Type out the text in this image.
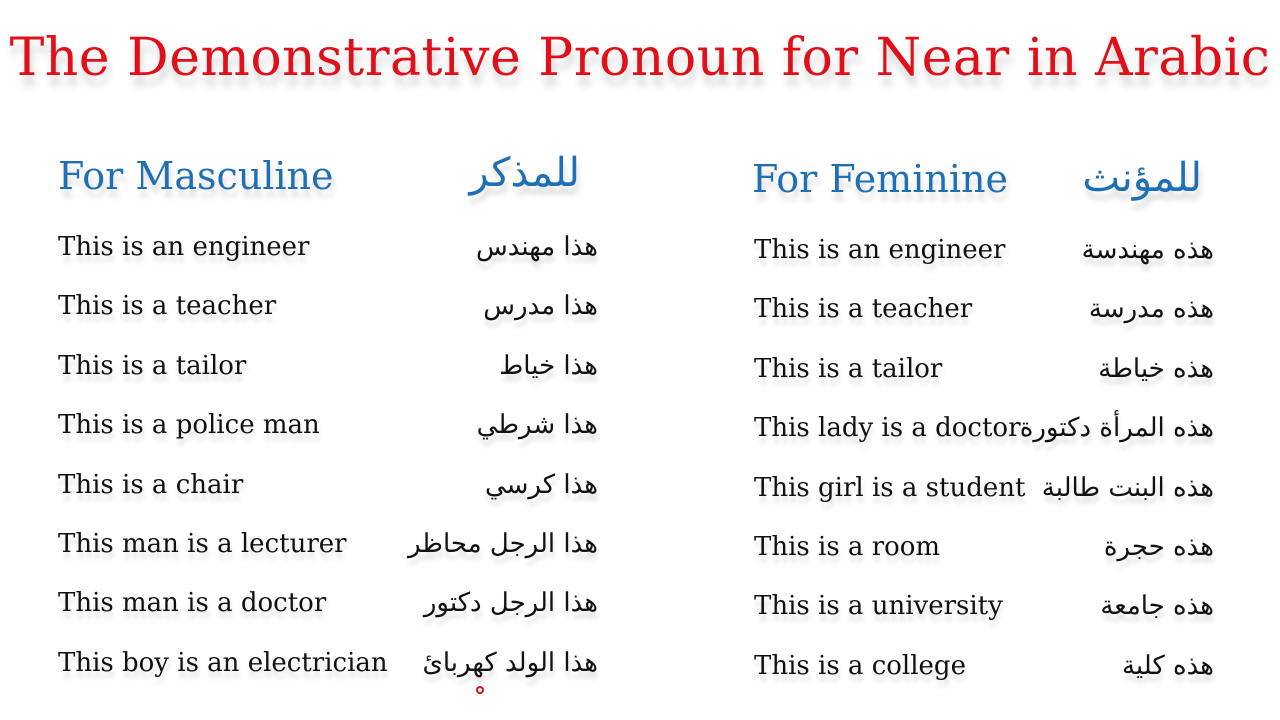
The Demonstrative Pronoun for Near in Arabic
For Masculine	للمذكر	For Feminine للمؤنث
This is an engineer	هذا مهندس
This is a teacher	هذا مدرس
This is a tailor	هذا خياط
This is a police man	هذا شرطي
This is a chair	هذا كرسي
This man is a lecturer هذا الرجل محاظر
This man is a doctor	هذا الرجل دكتور
This boy is an electrician هذا الولد كهربائ
This is an engineer	هذه مهندسة
This is a teacher	هذه مدرسة
This is a tailor	هذه خياطة
This lady is a doctor هذه المرأة دكتورة
This girl is a student هذه البنت طالبة
This is a room	هذه حجرة
This is a university	هذه جامعة
This is a college	هذه كلية
